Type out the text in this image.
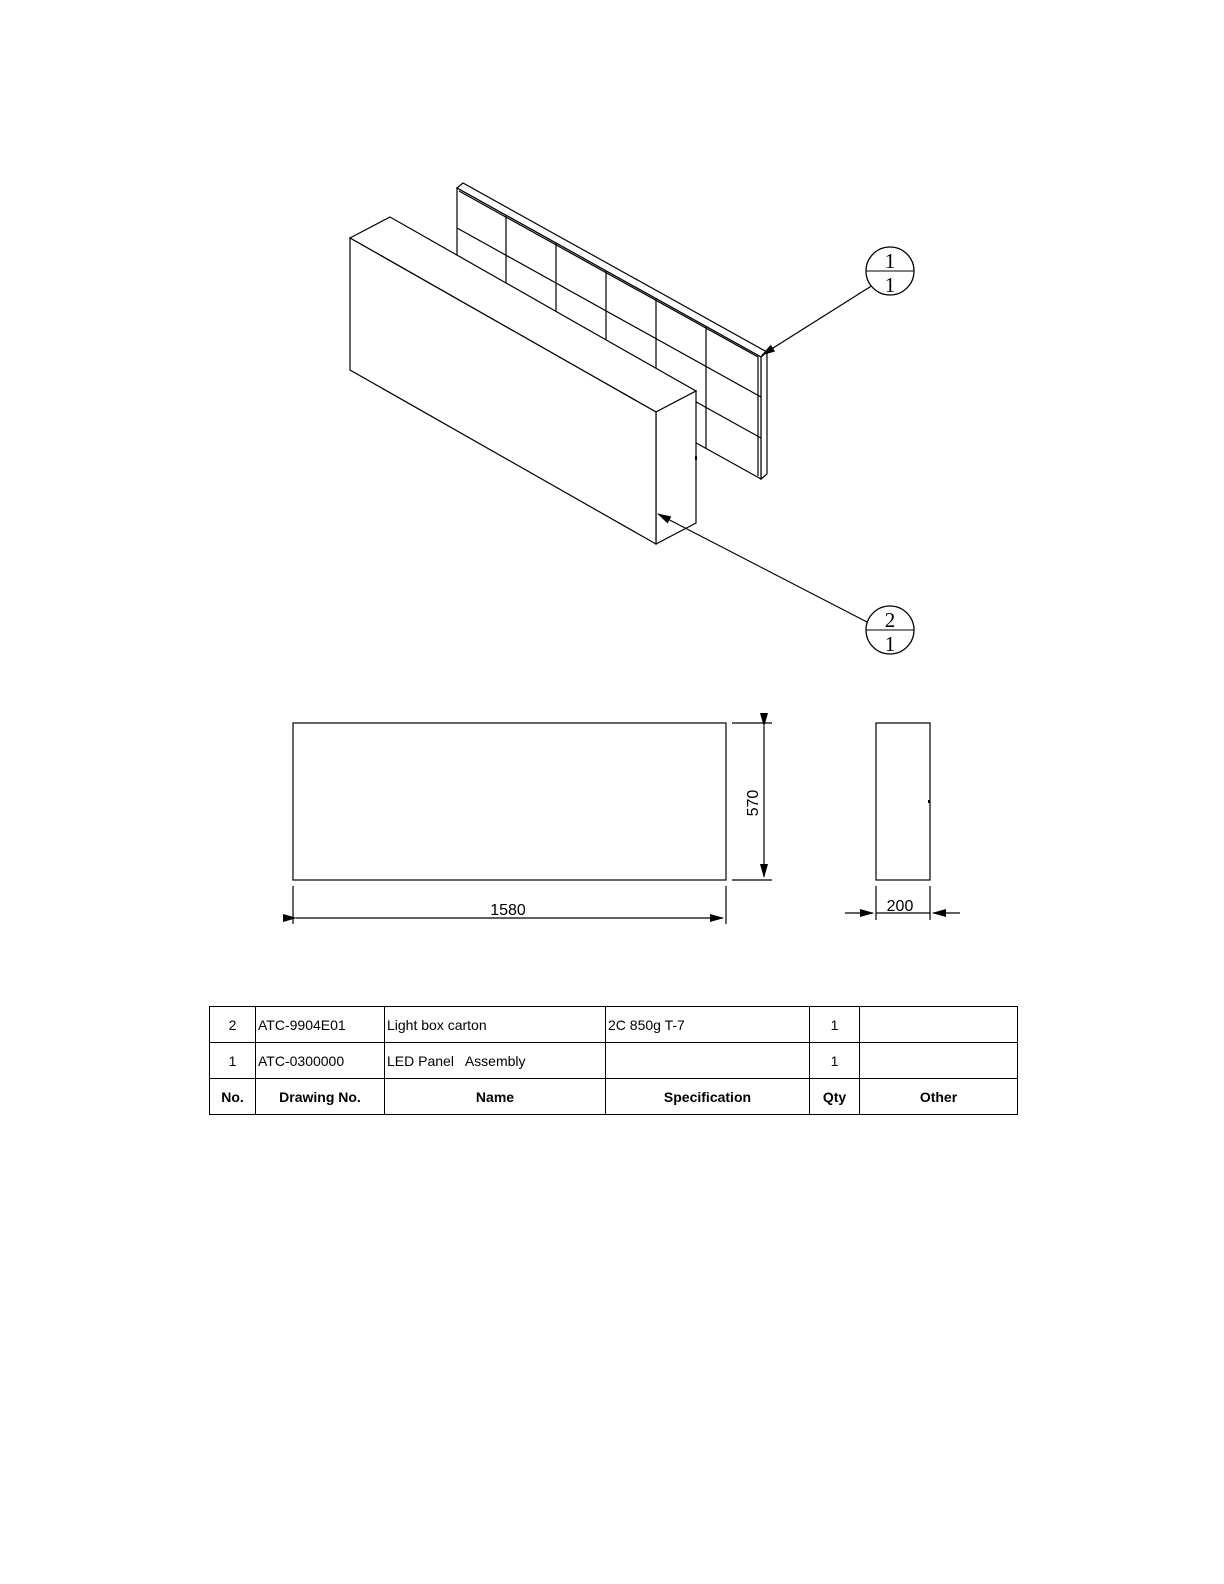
1
1
2
1
570
1580	200
2	ATC-9904E01	Light box carton	2C 850g T-7	1	
1	ATC-0300000	LED Panel   Assembly		1	
No.	Drawing No.	Name	Specification	Qty	Other
